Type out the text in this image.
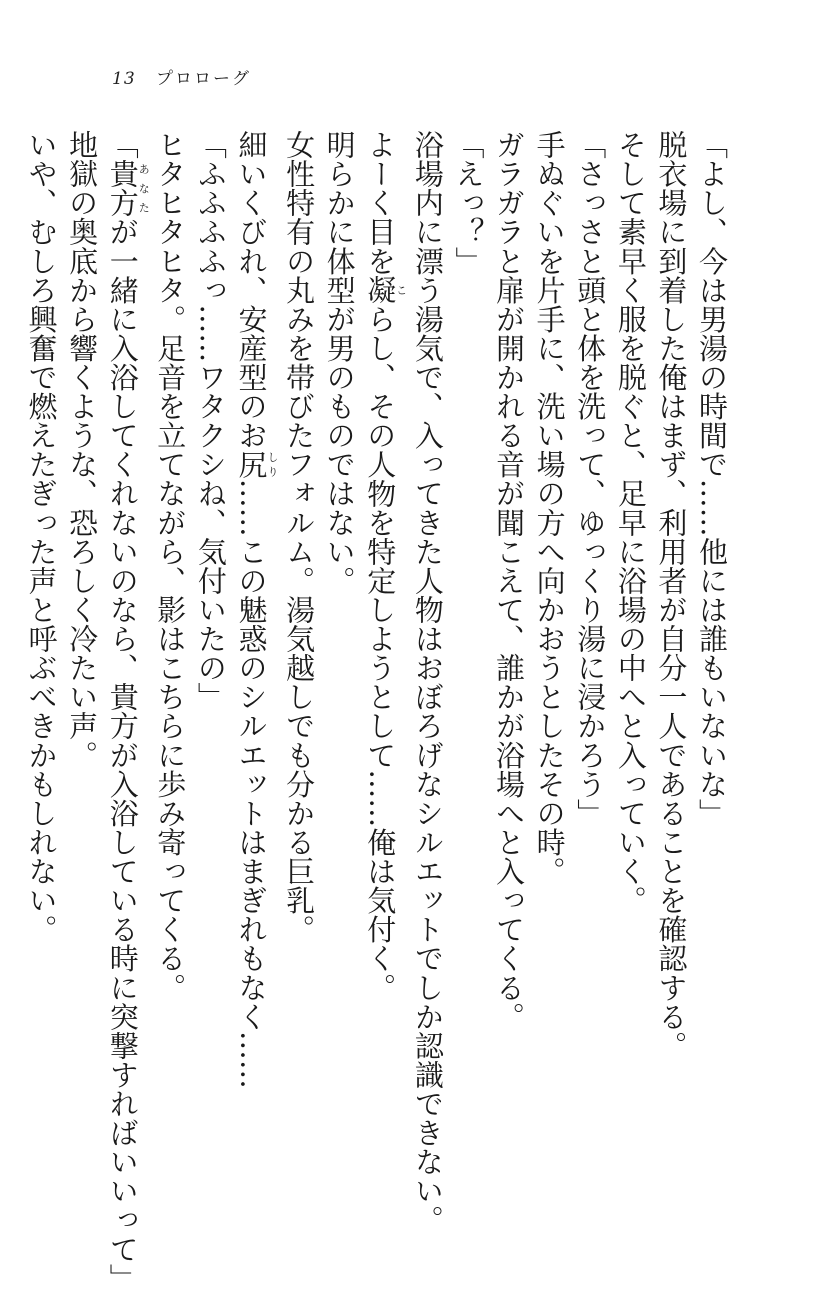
13 プロローグ
「よし、今は男湯の時間で……他には誰もいないな」
脱衣場に到着した俺はまず、利用者が自分一人であることを確認する。
そして素早く服を脱ぐと、足早に浴場の中へと入っていく。
「さっさと頭と体を洗って、ゆっくり湯に浸かろう」
手ぬぐいを片手に、洗い場の方へ向かおうとしたその時。
ガラガラと扉が開かれる音が聞こえて、誰かが浴場へと入ってくる。
「えっ？」
浴場内に漂う湯気で、入ってきた人物はおぼろげなシルエットでしか認識できない。
よーく目を凝こらし、その人物を特定しようとして……俺は気付く。
明らかに体型が男のものではない。
女性特有の丸みを帯びたフォルム。湯気越しでも分かる巨乳。
細いくびれ、安産型のお尻しり……この魅惑のシルエットはまぎれもなく……
「ふふふふっ……ワタクシね、気付いたの」
ヒタヒタヒタ。足音を立てながら、影はこちらに歩み寄ってくる。
「貴方あなたが一緒に入浴してくれないのなら、貴方が入浴している時に突撃すればいいって」
地獄の奥底から響くような、恐ろしく冷たい声。
いや、むしろ興奮で燃えたぎった声と呼ぶべきかもしれない。
